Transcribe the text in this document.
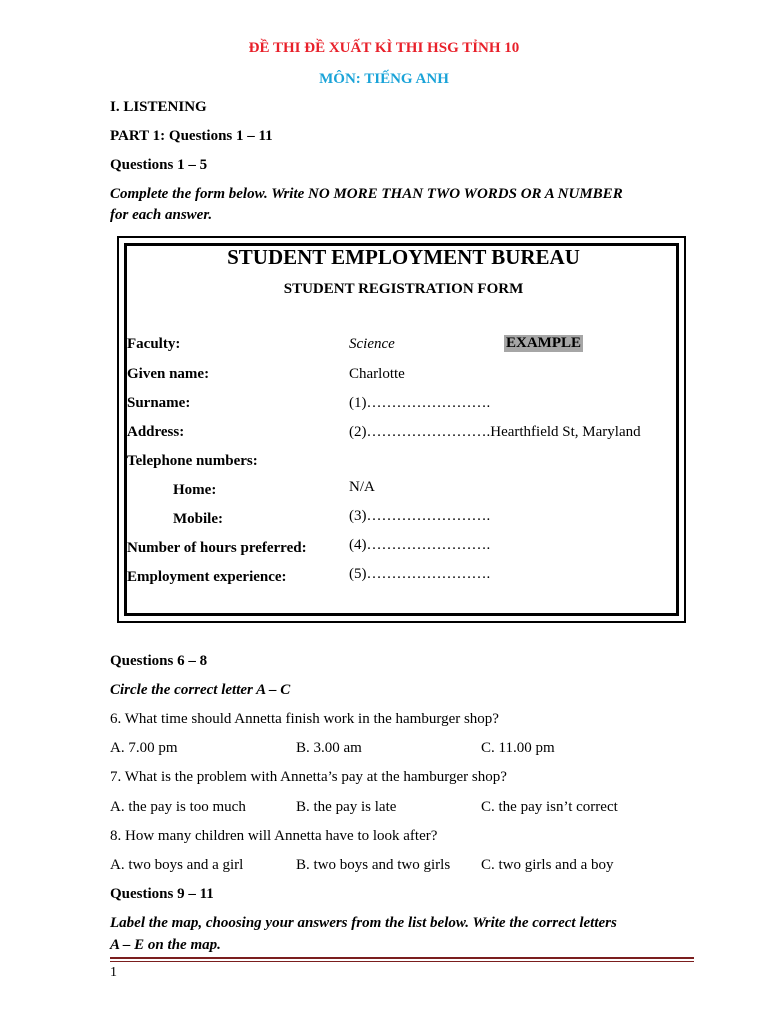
ĐỀ THI ĐỀ XUẤT KÌ THI HSG TỈNH 10
MÔN: TIẾNG ANH
I. LISTENING
PART 1: Questions 1 – 11
Questions 1 – 5
Complete the form below. Write NO MORE THAN TWO WORDS OR A NUMBER
for each answer.
STUDENT EMPLOYMENT BUREAU
STUDENT REGISTRATION FORM
Faculty:	Science	EXAMPLE
Given name:	Charlotte
Surname:	(1)…………………….
Address:	(2)…………………….Hearthfield St, Maryland
Telephone numbers:
Home:	N/A
Mobile:	(3)…………………….
Number of hours preferred:	(4)…………………….
Employment experience:	(5)…………………….
Questions 6 – 8
Circle the correct letter A – C
6. What time should Annetta finish work in the hamburger shop?
A. 7.00 pm	B. 3.00 am	C. 11.00 pm
7. What is the problem with Annetta’s pay at the hamburger shop?
A. the pay is too much	B. the pay is late	C. the pay isn’t correct
8. How many children will Annetta have to look after?
A. two boys and a girl	B. two boys and two girls C. two girls and a boy
Questions 9 – 11
Label the map, choosing your answers from the list below. Write the correct letters
A – E on the map.
1
